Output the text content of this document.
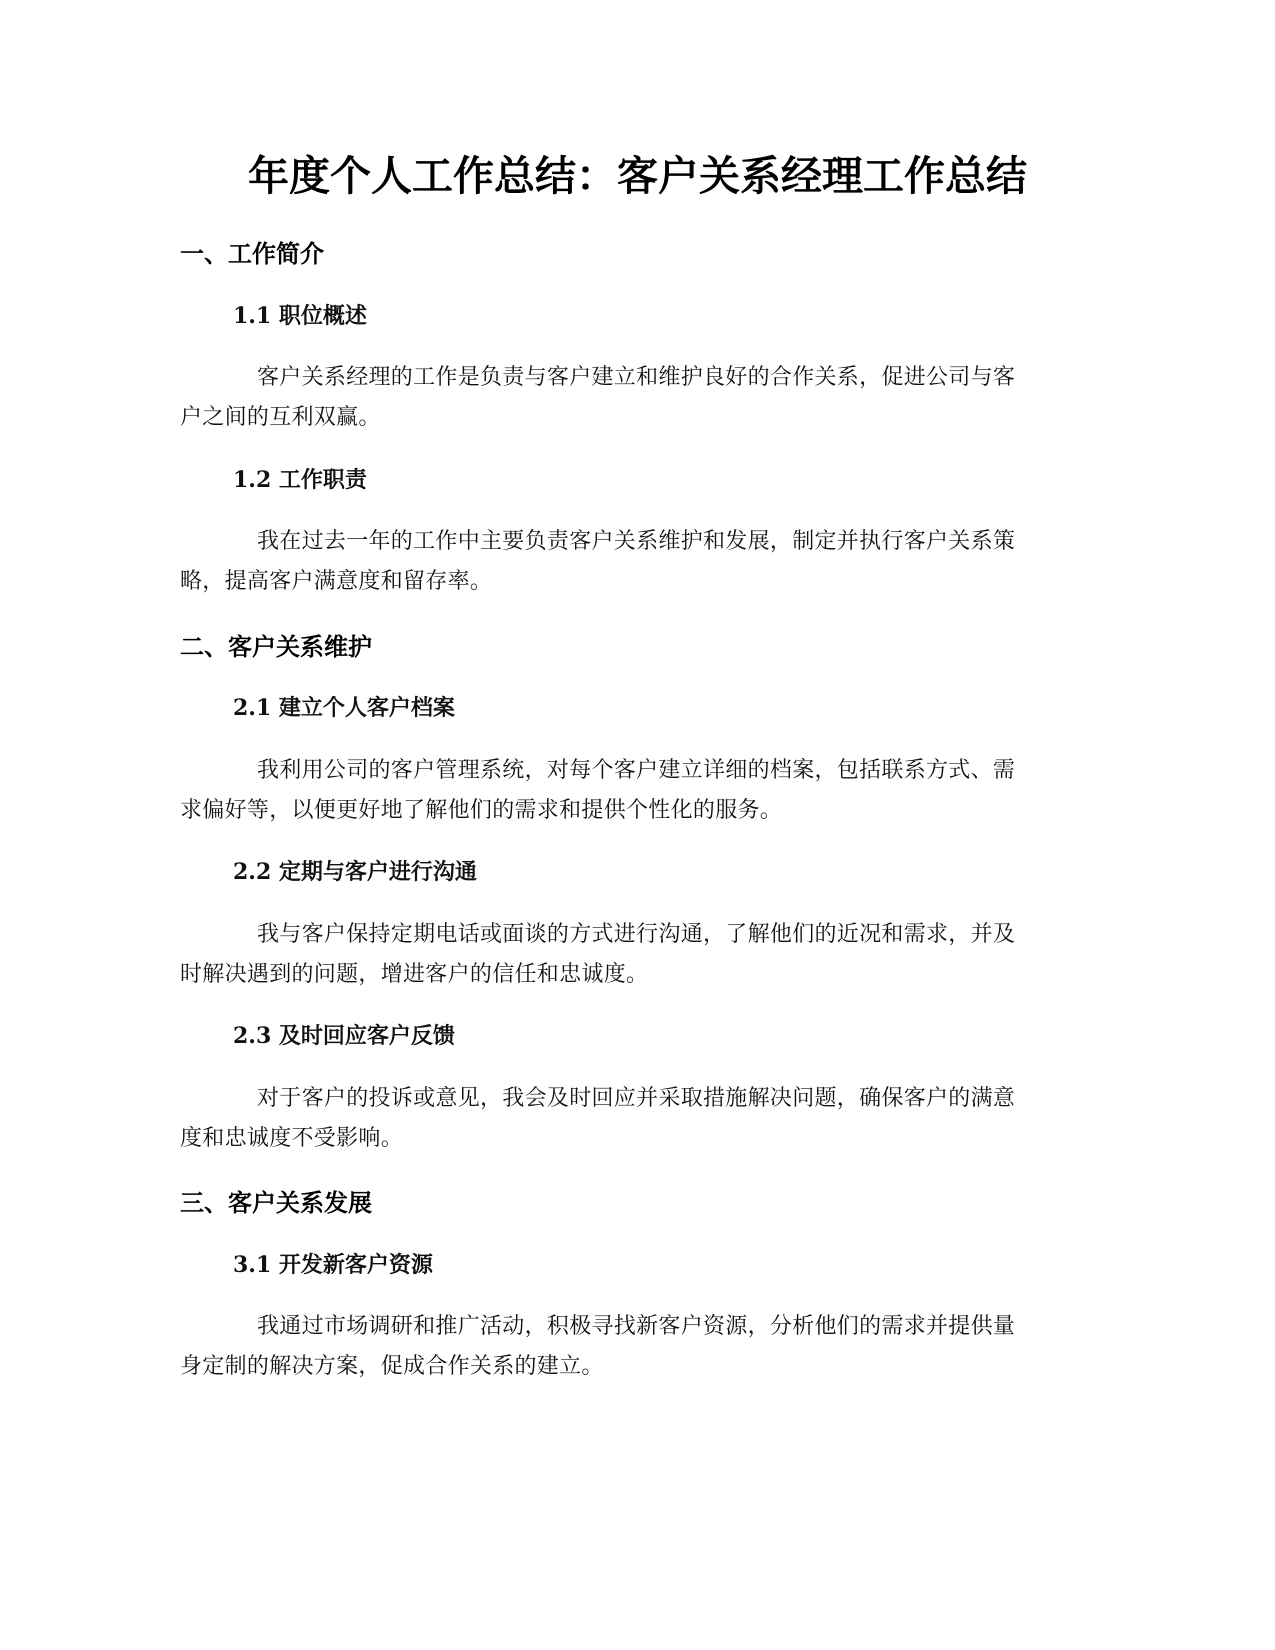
年度个人工作总结：客户关系经理工作总结
一、工作简介
1.1 职位概述

客户关系经理的工作是负责与客户建立和维护良好的合作关系，促进公司与客户之间的互利双赢。

1.2 工作职责

我在过去一年的工作中主要负责客户关系维护和发展，制定并执行客户关系策略，提高客户满意度和留存率。

二、客户关系维护
2.1 建立个人客户档案

我利用公司的客户管理系统，对每个客户建立详细的档案，包括联系方式、需求偏好等，以便更好地了解他们的需求和提供个性化的服务。

2.2 定期与客户进行沟通

我与客户保持定期电话或面谈的方式进行沟通，了解他们的近况和需求，并及时解决遇到的问题，增进客户的信任和忠诚度。

2.3 及时回应客户反馈

对于客户的投诉或意见，我会及时回应并采取措施解决问题，确保客户的满意度和忠诚度不受影响。

三、客户关系发展
3.1 开发新客户资源

我通过市场调研和推广活动，积极寻找新客户资源，分析他们的需求并提供量身定制的解决方案，促成合作关系的建立。
